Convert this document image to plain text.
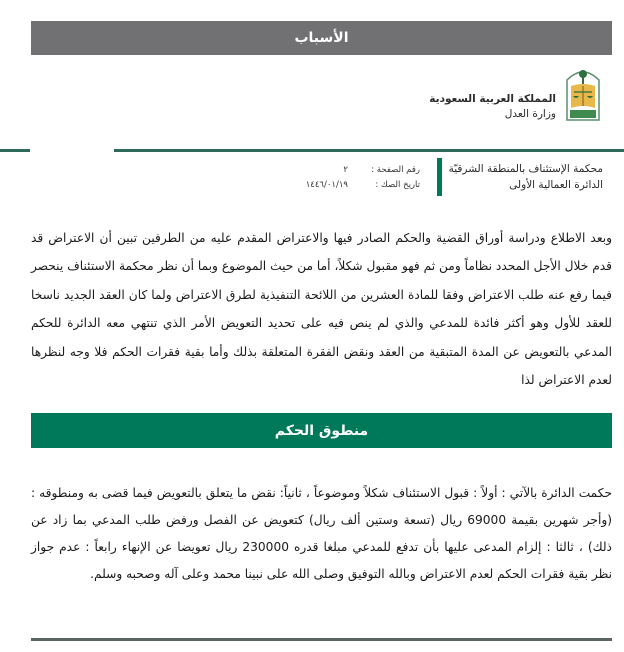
الأسباب
المملكة العربية السعودية
وزارة العدل
محكمة الإستئناف بالمنطقة الشرقيّة
الدائرة العمالية الأولى
رقم الصفحة :
٢
تاريخ الصك :
١٤٤٦/٠١/١٩

وبعد الاطلاع ودراسة أوراق القضية والحكم الصادر فيها والاعتراض المقدم عليه من الطرفين تبين أن الاعتراض قد قدم خلال الأجل المحدد نظاماً ومن ثم فهو مقبول شكلاً، أما من حيث الموضوع وبما أن نظر محكمة الاستئناف ينحصر فيما رفع عنه طلب الاعتراض وفقا للمادة العشرين من اللائحة التنفيذية لطرق الاعتراض ولما كان العقد الجديد ناسخا للعقد للأول وهو أكثر فائدة للمدعي والذي لم ينص فيه على تحديد التعويض الأمر الذي تنتهي معه الدائرة للحكم المدعي بالتعويض عن المدة المتبقية من العقد ونقض الفقرة المتعلقة بذلك وأما بقية فقرات الحكم فلا وجه لنظرها لعدم الاعتراض لذا

منطوق الحكم

حكمت الدائرة بالآتي : أولاً : قبول الاستئناف شكلاً وموضوعاً ، ثانياً: نقض ما يتعلق بالتعويض فيما قضى به ومنطوقه : (وأجر شهرين بقيمة 69000 ريال (تسعة وستين ألف ريال) كتعويض عن الفصل ورفض طلب المدعي بما زاد عن ذلك) ، ثالثا : إلزام المدعى عليها بأن تدفع للمدعي مبلغا قدره 230000 ريال تعويضا عن الإنهاء رابعاً : عدم جواز نظر بقية فقرات الحكم لعدم الاعتراض وبالله التوفيق وصلى الله على نبينا محمد وعلى آله وصحبه وسلم.
